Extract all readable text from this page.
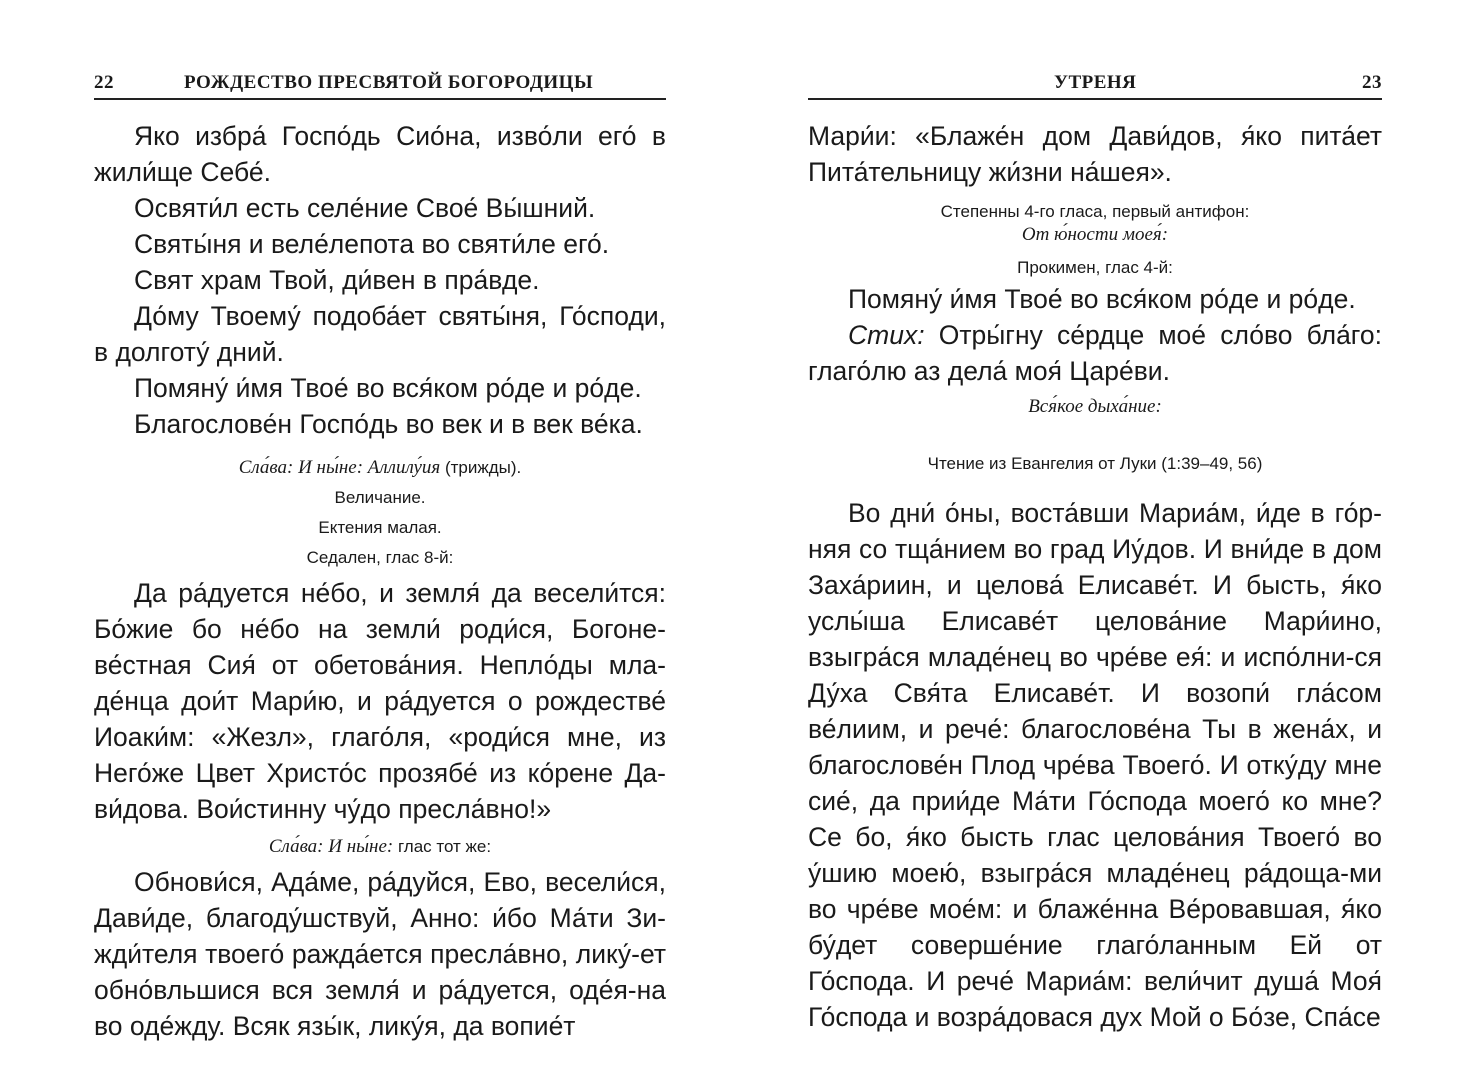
22	РОЖДЕСТВО ПРЕСВЯТОЙ БОГОРОДИЦЫ

Яко избра́ Госпо́дь Сио́на, изво́ли его́ в жили́ще Себе́.

Освяти́л есть селе́ние Свое́ Вы́шний.

Святы́ня и веле́лепота во святи́ле его́.

Свят храм Твой, ди́вен в пра́вде.

До́му Твоему́ подоба́ет святы́ня, Го́споди, в долготу́ дний.

Помяну́ и́мя Твое́ во вся́ком ро́де и ро́де.

Благослове́н Госпо́дь во век и в век ве́ка.

Сла́ва: И ны́не: Аллилу́ия (трижды).

Величание.

Ектения малая.

Седален, глас 8-й:

Да ра́дуется не́бо, и земля́ да весели́тся: Бо́жие бо не́бо на земли́ роди́ся, Богоне-ве́стная Сия́ от обетова́ния. Непло́ды мла-де́нца дои́т Мари́ю, и ра́дуется о рождестве́ Иоаки́м: «Жезл», глаго́ля, «роди́ся мне, из Него́же Цвет Христо́с прозябе́ из ко́рене Да-ви́дова. Вои́стинну чу́до пресла́вно!»

Сла́ва: И ны́не: глас тот же:

Обнови́ся, Ада́ме, ра́дуйся, Ево, весели́ся, Дави́де, благоду́шствуй, Анно: и́бо Ма́ти Зи-жди́теля твоего́ ражда́ется пресла́вно, лику́-ет обно́вльшися вся земля́ и ра́дуется, оде́я-на во оде́жду. Всяк язы́к, лику́я, да вопие́т

УТРЕНЯ	23

Мари́и: «Блаже́н дом Дави́дов, я́ко пита́ет Пита́тельницу жи́зни на́шея».

Степенны 4-го гласа, первый антифон:

От ю́ности моея́:

Прокимен, глас 4-й:

Помяну́ и́мя Твое́ во вся́ком ро́де и ро́де.

Стих: Отры́гну се́рдце мое́ сло́во бла́го: глаго́лю аз дела́ моя́ Царе́ви.

Вся́кое дыха́ние:

Чтение из Евангелия от Луки (1:39–49, 56)

Во дни́ о́ны, воста́вши Мариа́м, и́де в го́р-няя со тща́нием во град Иу́дов. И вни́де в дом Заха́риин, и целова́ Елисаве́т. И бысть, я́ко услы́ша Елисаве́т целова́ние Мари́ино, взыгра́ся младе́нец во чре́ве ея́: и испо́лни-ся Ду́ха Свя́та Елисаве́т. И возопи́ гла́сом ве́лиим, и рече́: благослове́на Ты в жена́х, и благослове́н Плод чре́ва Твоего́. И отку́ду мне сие́, да прии́де Ма́ти Го́спода моего́ ко мне? Се бо, я́ко бысть глас целова́ния Твоего́ во у́шию моею́, взыгра́ся младе́нец ра́доща-ми во чре́ве мое́м: и блаже́нна Ве́ровавшая, я́ко бу́дет соверше́ние глаго́ланным Ей от Го́спода. И рече́ Мариа́м: вели́чит душа́ Моя́ Го́спода и возра́довася дух Мой о Бо́зе, Спа́се
